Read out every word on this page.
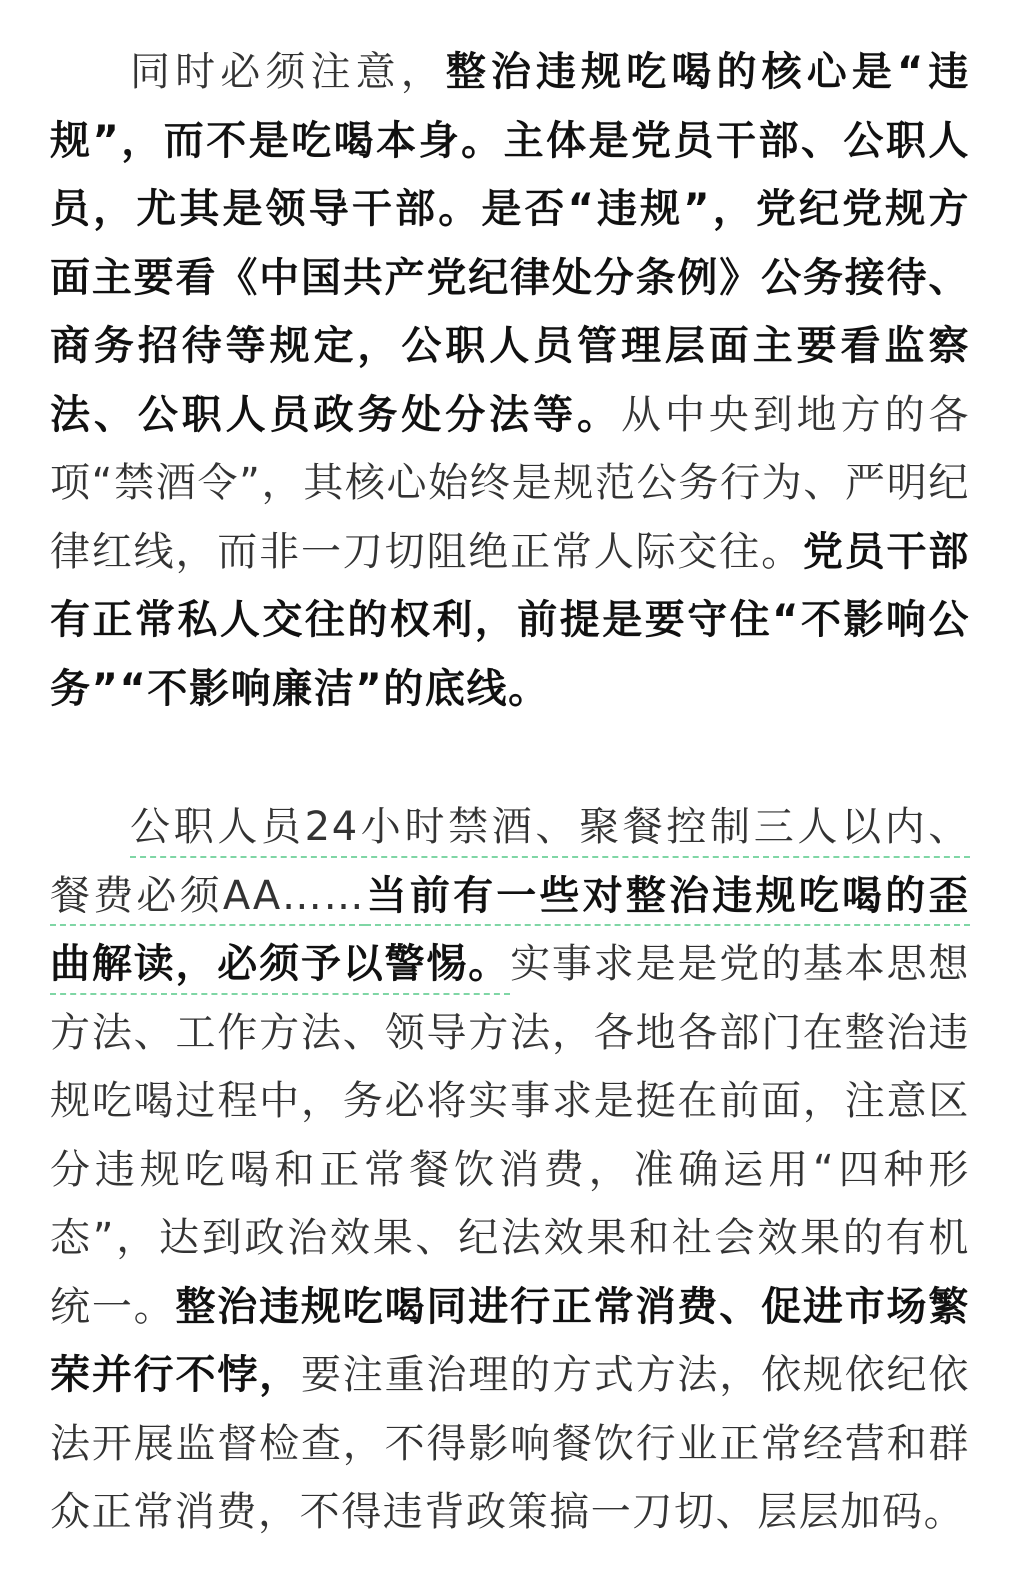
同时必须注意，整治违规吃喝的核心是“违规”，而不是吃喝本身。主体是党员干部、公职人员，尤其是领导干部。是否“违规”，党纪党规方面主要看《中国共产党纪律处分条例》公务接待、商务招待等规定，公职人员管理层面主要看监察法、公职人员政务处分法等。从中央到地方的各项“禁酒令”，其核心始终是规范公务行为、严明纪律红线，而非一刀切阻绝正常人际交往。党员干部有正常私人交往的权利，前提是要守住“不影响公务”“不影响廉洁”的底线。

公职人员24小时禁酒、聚餐控制三人以内、餐费必须AA……当前有一些对整治违规吃喝的歪曲解读，必须予以警惕。实事求是是党的基本思想方法、工作方法、领导方法，各地各部门在整治违规吃喝过程中，务必将实事求是挺在前面，注意区分违规吃喝和正常餐饮消费，准确运用“四种形态”，达到政治效果、纪法效果和社会效果的有机统一。整治违规吃喝同进行正常消费、促进市场繁荣并行不悖，要注重治理的方式方法，依规依纪依法开展监督检查，不得影响餐饮行业正常经营和群众正常消费，不得违背政策搞一刀切、层层加码。
